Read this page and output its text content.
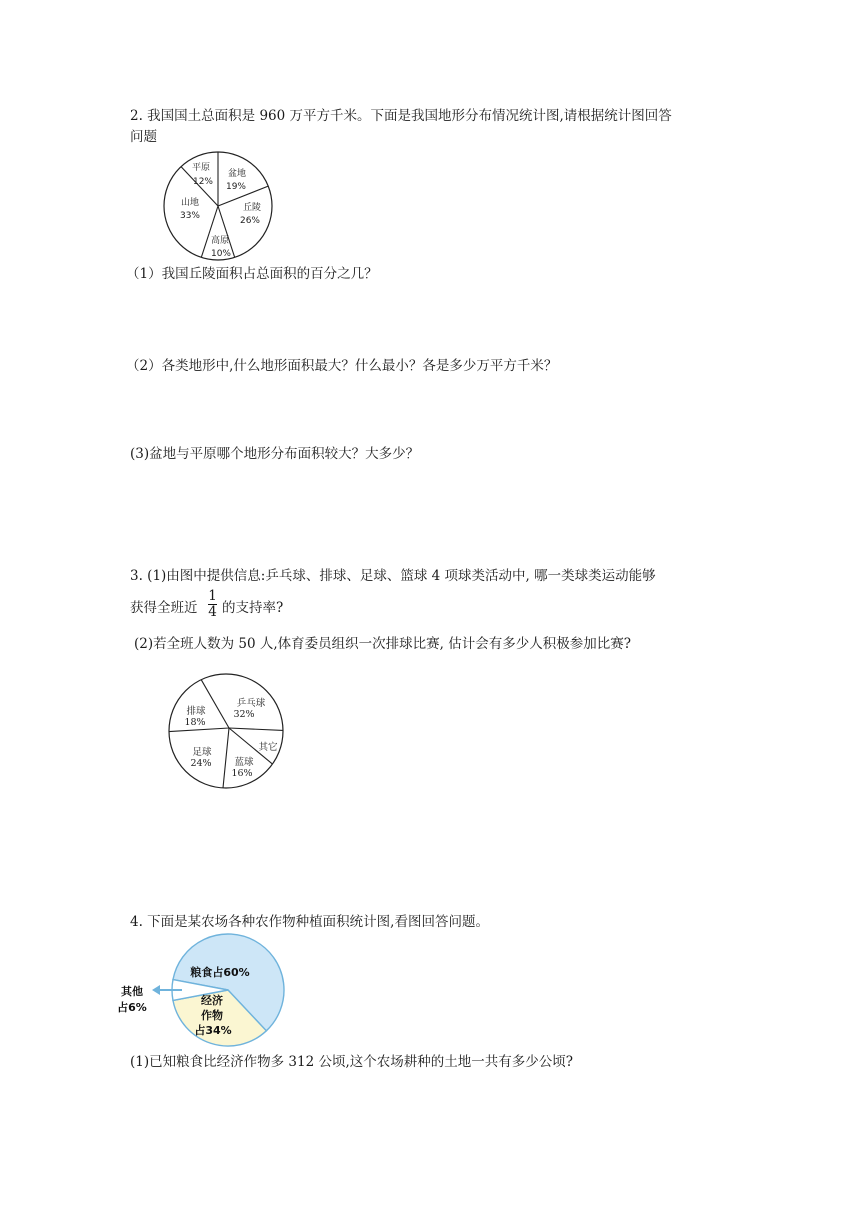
2. 我国国土总面积是 960 万平方千米。下面是我国地形分布情况统计图,请根据统计图回答
问题
平原
12%
盆地
19%
丘陵
26%
高原
10%
山地
33%
（1）我国丘陵面积占总面积的百分之几？
（2）各类地形中,什么地形面积最大？什么最小？各是多少万平方千米？
(3)盆地与平原哪个地形分布面积较大？大多少？
3. (1)由图中提供信息:乒乓球、排球、足球、篮球 4 项球类活动中, 哪一类球类运动能够
获得全班近
1
4 的支持率?
(2)若全班人数为 50 人,体育委员组织一次排球比赛, 估计会有多少人积极参加比赛?
乒乓球
32%
其它
蓝球
16%
足球
24%
排球
18%
4. 下面是某农场各种农作物种植面积统计图,看图回答问题。
粮食占60%
经济
作物
占34%
其他
占6%
(1)已知粮食比经济作物多 312 公顷,这个农场耕种的土地一共有多少公顷?
